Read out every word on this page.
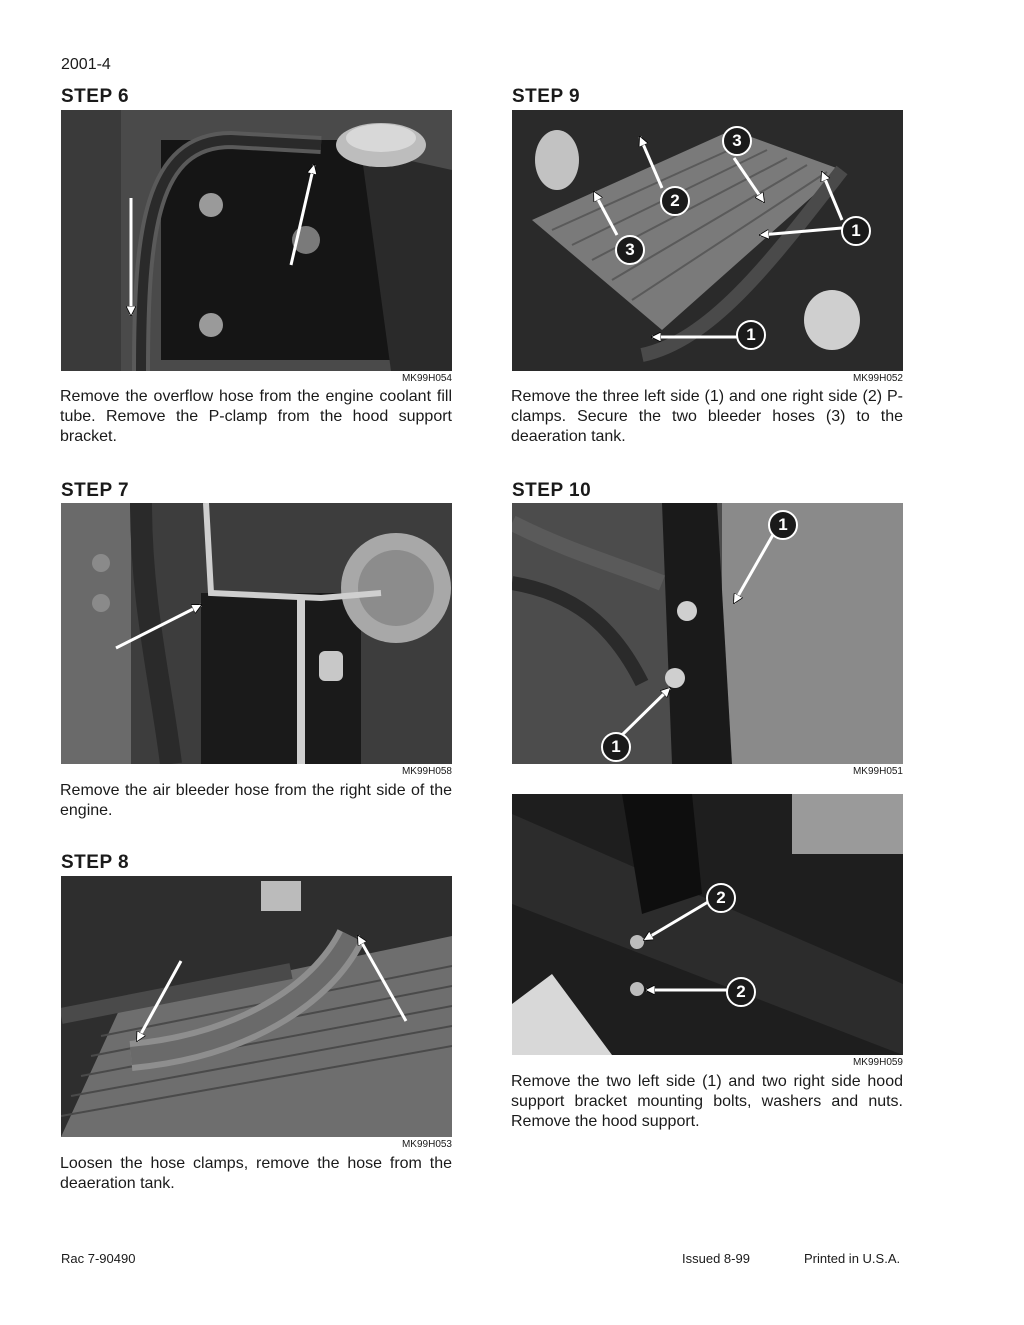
2001-4
STEP 6
MK99H054
Remove the overflow hose from the engine coolant fill tube. Remove the P-clamp from the hood support bracket.
STEP 7
MK99H058
Remove the air bleeder hose from the right side of the engine.
STEP 8
MK99H053
Loosen the hose clamps, remove the hose from the deaeration tank.
STEP 9
3
2
3
1
1
MK99H052
Remove the three left side (1) and one right side (2) P-clamps. Secure the two bleeder hoses (3) to the deaeration tank.
STEP 10
1
1
MK99H051
2
2
MK99H059
Remove the two left side (1) and two right side hood support bracket mounting bolts, washers and nuts. Remove the hood support.
Rac 7-90490	Issued 8-99	Printed in U.S.A.
